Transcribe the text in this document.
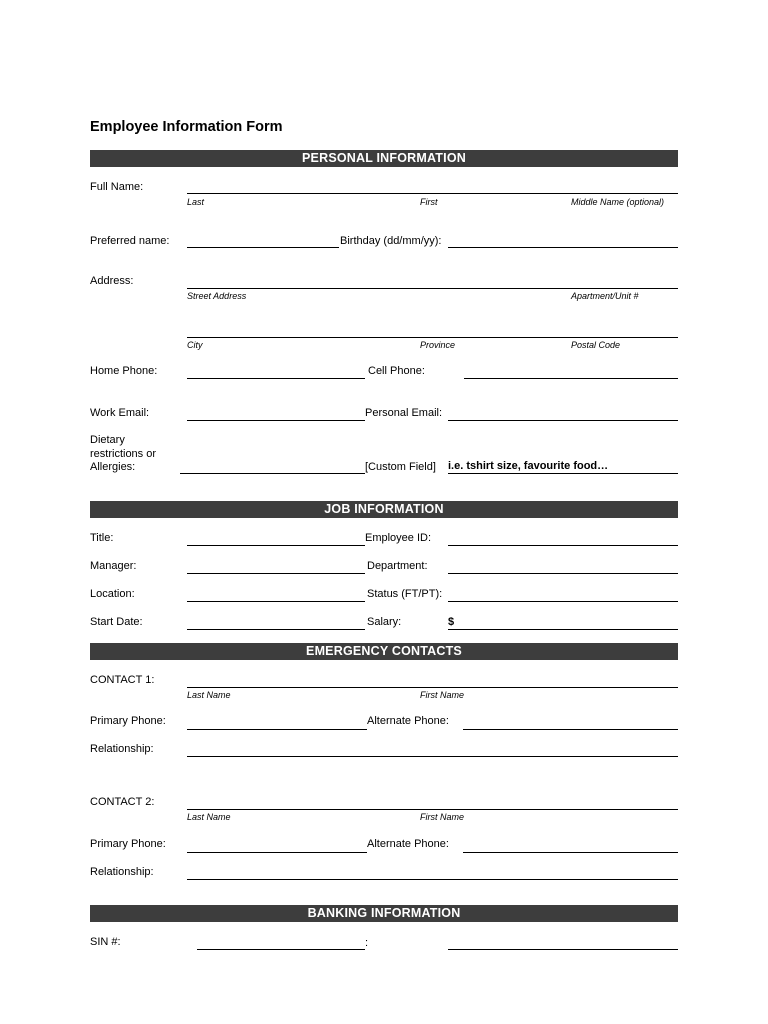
Employee Information Form
PERSONAL INFORMATION
Full Name:
Last	First	Middle Name (optional)
Preferred name:	Birthday (dd/mm/yy):
Address:
Street Address	Apartment/Unit #
City	Province	Postal Code
Home Phone:	Cell Phone:
Work Email:	Personal Email:
Dietary
restrictions or
Allergies:	[Custom Field] i.e. tshirt size, favourite food…
JOB INFORMATION
Title:	Employee ID:
Manager:	Department:
Location:	Status (FT/PT):
Start Date:	Salary:	$
EMERGENCY CONTACTS
CONTACT 1:
Last Name	First Name
Primary Phone:	Alternate Phone:
Relationship:
CONTACT 2:
Last Name	First Name
Primary Phone:	Alternate Phone:
Relationship:
BANKING INFORMATION
SIN #:	:
